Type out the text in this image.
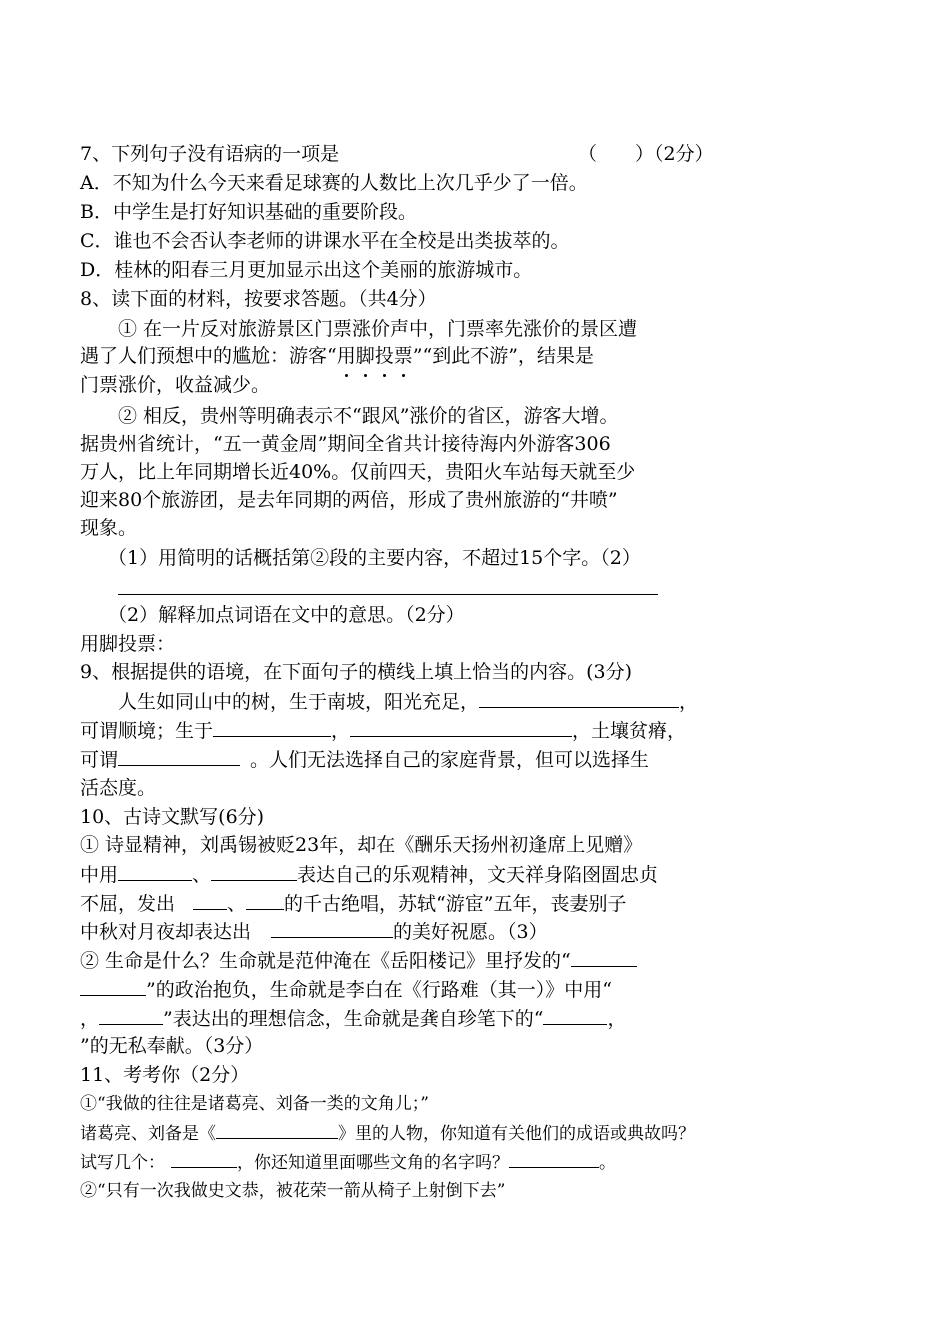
7、下列句子没有语病的一项是	（　　）（2分）
A．不知为什么今天来看足球赛的人数比上次几乎少了一倍。
B．中学生是打好知识基础的重要阶段。
C．谁也不会否认李老师的讲课水平在全校是出类拔萃的。
D．桂林的阳春三月更加显示出这个美丽的旅游城市。
8、读下面的材料，按要求答题。（共4分）
① 在一片反对旅游景区门票涨价声中，门票率先涨价的景区遭
遇了人们预想中的尴尬：游客“用脚投票”“到此不游”，结果是
门票涨价，收益减少。
② 相反，贵州等明确表示不“跟风”涨价的省区，游客大增。
据贵州省统计，“五一黄金周”期间全省共计接待海内外游客306
万人，比上年同期增长近40%。仅前四天，贵阳火车站每天就至少
迎来80个旅游团，是去年同期的两倍，形成了贵州旅游的“井喷”
现象。
（1）用简明的话概括第②段的主要内容，不超过15个字。（2）
（2）解释加点词语在文中的意思。（2分）
用脚投票：
9、根据提供的语境，在下面句子的横线上填上恰当的内容。(3分)
人生如同山中的树，生于南坡，阳光充足，	，
可谓顺境；生于	，	，土壤贫瘠，
可谓	。人们无法选择自己的家庭背景，但可以选择生
活态度。
10、古诗文默写(6分)
① 诗显精神，刘禹锡被贬23年，却在《酬乐天扬州初逢席上见赠》
中用	、	表达自己的乐观精神，文天祥身陷囹圄忠贞
不屈，发出	、 的千古绝唱，苏轼“游宦”五年，丧妻别子
中秋对月夜却表达出	的美好祝愿。（3）
② 生命是什么？生命就是范仲淹在《岳阳楼记》里抒发的“
”的政治抱负，生命就是李白在《行路难（其一）》中用“
，	”表达出的理想信念，生命就是龚自珍笔下的“	，
”的无私奉献。（3分）
11、考考你（2分）
①“我做的往往是诸葛亮、刘备一类的文角儿；”
诸葛亮、刘备是《	》里的人物，你知道有关他们的成语或典故吗？
试写几个：	，你还知道里面哪些文角的名字吗？	。
②“只有一次我做史文恭，被花荣一箭从椅子上射倒下去”
